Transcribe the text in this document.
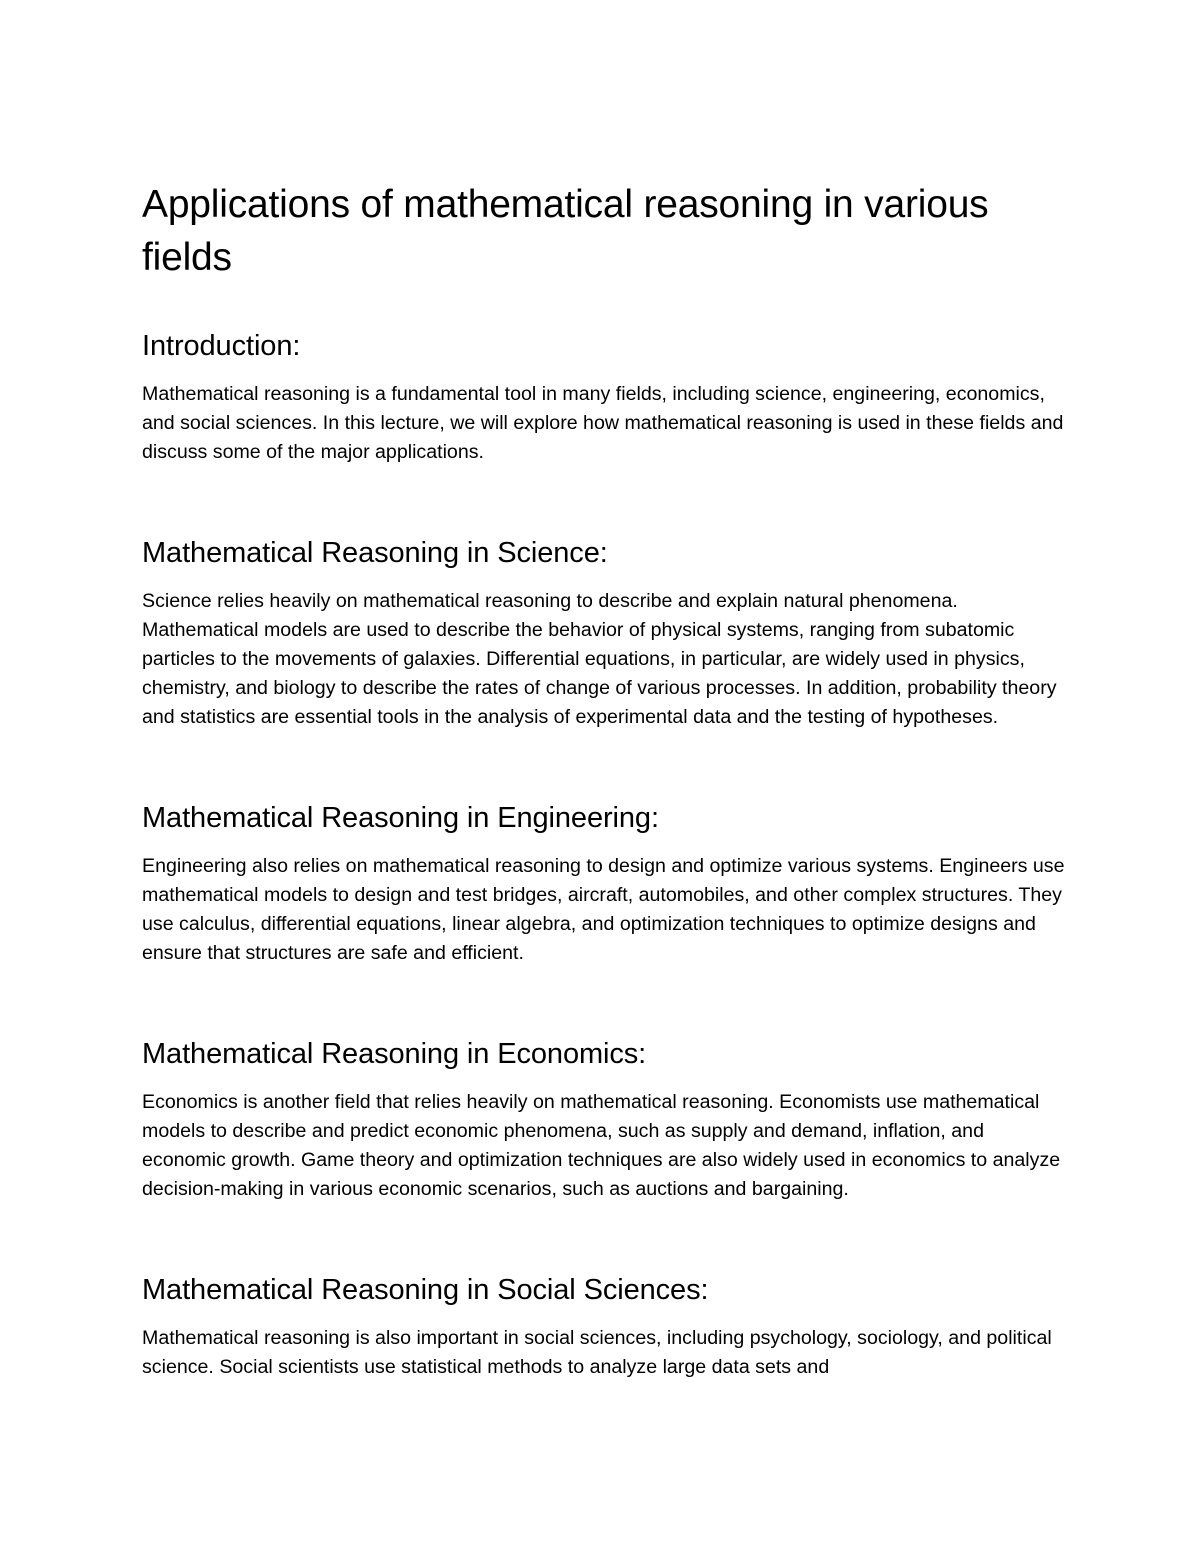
Applications of mathematical reasoning in various fields
Introduction:

Mathematical reasoning is a fundamental tool in many fields, including science, engineering, economics, and social sciences. In this lecture, we will explore how mathematical reasoning is used in these fields and discuss some of the major applications.

Mathematical Reasoning in Science:

Science relies heavily on mathematical reasoning to describe and explain natural phenomena. Mathematical models are used to describe the behavior of physical systems, ranging from subatomic particles to the movements of galaxies. Differential equations, in particular, are widely used in physics, chemistry, and biology to describe the rates of change of various processes. In addition, probability theory and statistics are essential tools in the analysis of experimental data and the testing of hypotheses.

Mathematical Reasoning in Engineering:

Engineering also relies on mathematical reasoning to design and optimize various systems. Engineers use mathematical models to design and test bridges, aircraft, automobiles, and other complex structures. They use calculus, differential equations, linear algebra, and optimization techniques to optimize designs and ensure that structures are safe and efficient.

Mathematical Reasoning in Economics:

Economics is another field that relies heavily on mathematical reasoning. Economists use mathematical models to describe and predict economic phenomena, such as supply and demand, inflation, and economic growth. Game theory and optimization techniques are also widely used in economics to analyze decision-making in various economic scenarios, such as auctions and bargaining.

Mathematical Reasoning in Social Sciences:

Mathematical reasoning is also important in social sciences, including psychology, sociology, and political science. Social scientists use statistical methods to analyze large data sets and
